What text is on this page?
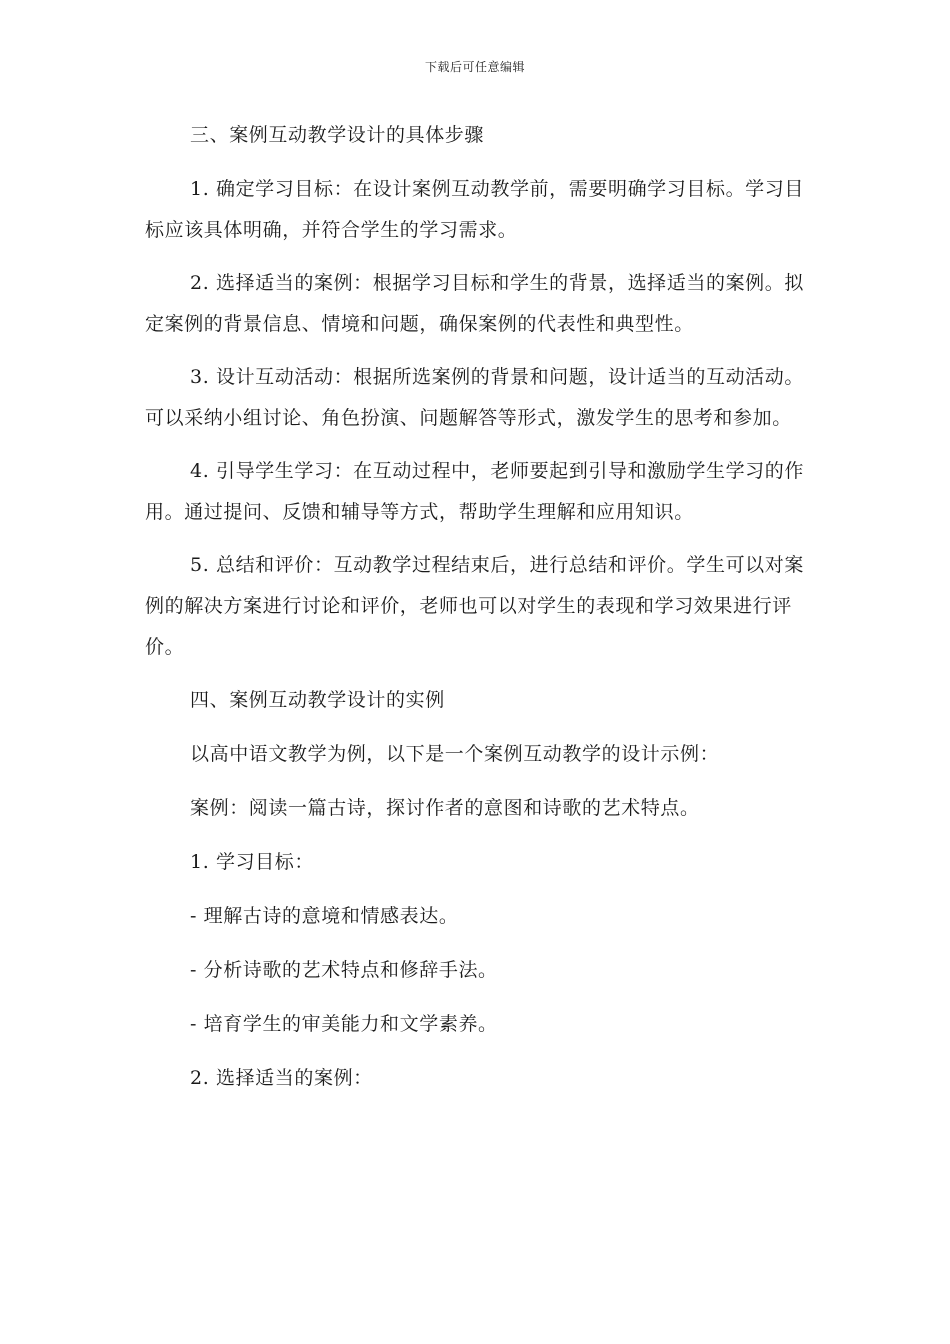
下载后可任意编辑

三、案例互动教学设计的具体步骤

1. 确定学习目标：在设计案例互动教学前，需要明确学习目标。学习目标应该具体明确，并符合学生的学习需求。

2. 选择适当的案例：根据学习目标和学生的背景，选择适当的案例。拟定案例的背景信息、情境和问题，确保案例的代表性和典型性。

3. 设计互动活动：根据所选案例的背景和问题，设计适当的互动活动。可以采纳小组讨论、角色扮演、问题解答等形式，激发学生的思考和参加。

4. 引导学生学习：在互动过程中，老师要起到引导和激励学生学习的作用。通过提问、反馈和辅导等方式，帮助学生理解和应用知识。

5. 总结和评价：互动教学过程结束后，进行总结和评价。学生可以对案例的解决方案进行讨论和评价，老师也可以对学生的表现和学习效果进行评价。

四、案例互动教学设计的实例

以高中语文教学为例，以下是一个案例互动教学的设计示例：

案例：阅读一篇古诗，探讨作者的意图和诗歌的艺术特点。

1. 学习目标：

- 理解古诗的意境和情感表达。

- 分析诗歌的艺术特点和修辞手法。

- 培育学生的审美能力和文学素养。

2. 选择适当的案例：
